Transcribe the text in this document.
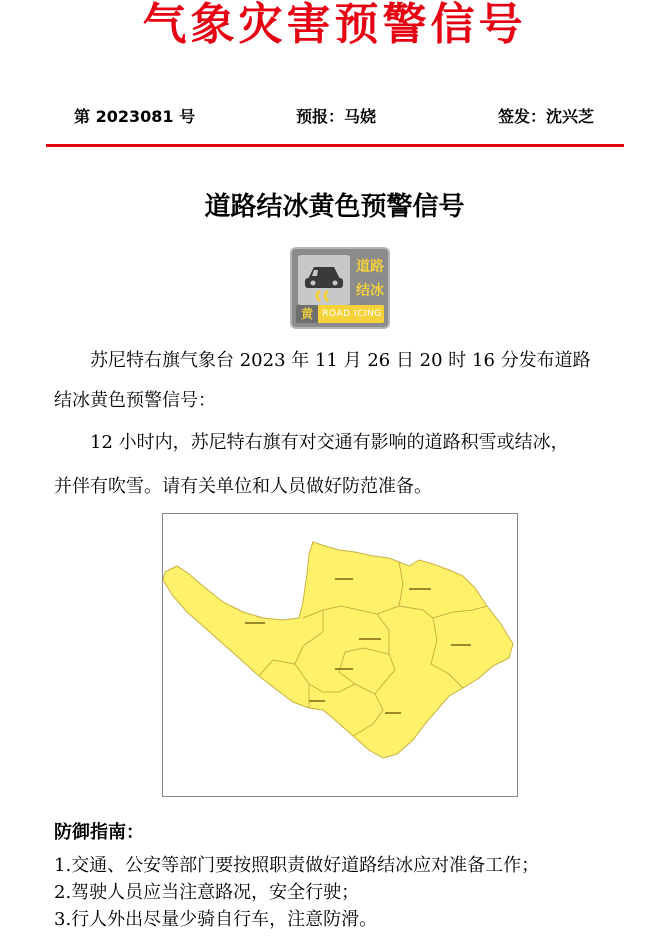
气象灾害预警信号
第 2023081 号	预报：马娆	签发：沈兴芝
道路结冰黄色预警信号
道路
结冰
黄	ROAD ICING
苏尼特右旗气象台 2023 年 11 月 26 日 20 时 16 分发布道路
结冰黄色预警信号：
12 小时内，苏尼特右旗有对交通有影响的道路积雪或结冰，
并伴有吹雪。请有关单位和人员做好防范准备。
防御指南：
1.交通、公安等部门要按照职责做好道路结冰应对准备工作；
2.驾驶人员应当注意路况，安全行驶；
3.行人外出尽量少骑自行车，注意防滑。
